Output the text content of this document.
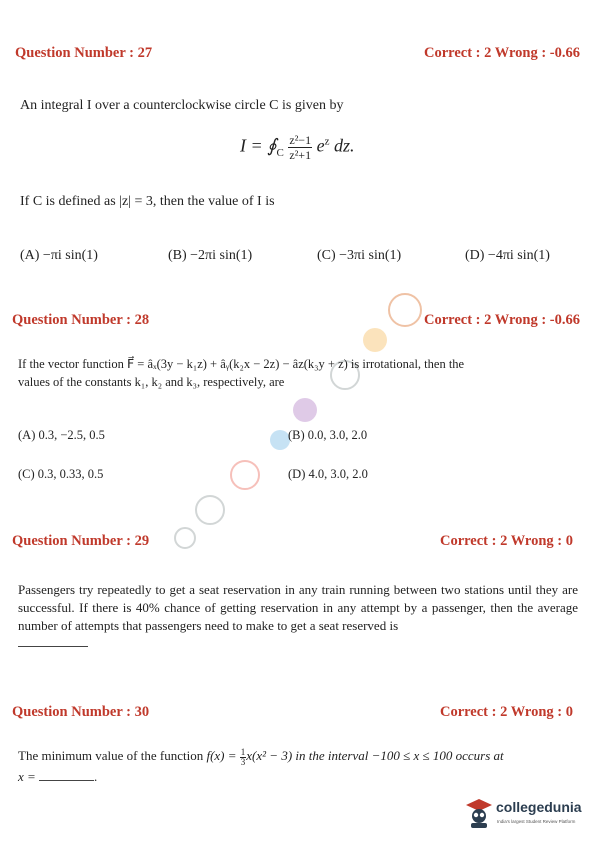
Question Number : 27	Correct : 2 Wrong : -0.66
An integral I over a counterclockwise circle C is given by
$I = ∮_C \frac{\text{z²−1}}{\text{z²+1}} e^z$ dz.
If C is defined as |z| = 3, then the value of I is
(A) −πi sin(1)	(B) −2πi sin(1)	(C) −3πi sin(1)	(D) −4πi sin(1)
Question Number : 28	Correct : 2 Wrong : -0.66
If the vector function F⃗ = âₓ(3y − k₁z) + âᵧ(k₂x − 2z) − âz(k₃y + z) is irrotational, then the
values of the constants k₁, k₂ and k₃, respectively, are
(A) 0.3, −2.5, 0.5	(B) 0.0, 3.0, 2.0
(C) 0.3, 0.33, 0.5	(D) 4.0, 3.0, 2.0
Question Number : 29	Correct : 2 Wrong : 0
Passengers try repeatedly to get a seat reservation in any train running between two stations until they are successful. If there is 40% chance of getting reservation in any attempt by a passenger, then the average number of attempts that passengers need to make to get a seat reserved is
Question Number : 30	Correct : 2 Wrong : 0
The minimum value of the function $f(x) = \frac{1}{3} x(x^2 - 3)$ in the interval −100 ≤ x ≤ 100 occurs at
x =	.
collegedunia
India's largest Student Review Platform
